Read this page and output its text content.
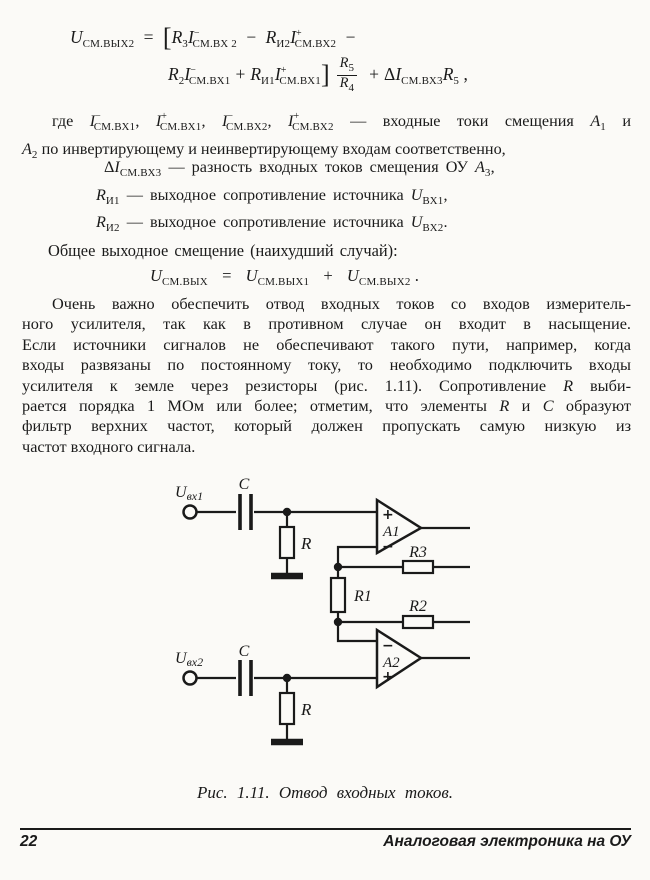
$U_{СМ.ВЫХ2} = [R_3I^-_{СМ.ВХ 2} - R_{И2}I^+_{СМ.ВХ2}$ −
$R_2I^-_{СМ.ВХ1} + R_{И1}I^+_{СМ.ВХ1}] \frac{R_5}{R_4} + \Delta I_{СМ.ВХ3}R_5$ ,
где $I^-_{СМ.ВХ1}$, $I^+_{СМ.ВХ1}$, $I^-_{СМ.ВХ2}$, $I^+_{СМ.ВХ2}$ — входные токи смещения $А_1$ и
$А_2$ по инвертирующему и неинвертирующему входам соответственно,
$\Delta I_{СМ.ВХ3}$ — разность входных токов смещения ОУ $А_3$,
$R_{И1}$ — выходное сопротивление источника $U_{ВХ1}$,
$R_{И2}$ — выходное сопротивление источника $U_{ВХ2}$.
Общее выходное смещение (наихудший случай):
$U_{СМ.ВЫХ} = U_{СМ.ВЫХ1} + U_{СМ.ВЫХ2}$ .
Очень важно обеспечить отвод входных токов со входов измеритель-
ного усилителя, так как в противном случае он входит в насыщение.
Если источники сигналов не обеспечивают такого пути, например, когда
входы развязаны по постоянному току, то необходимо подключить входы
усилителя к земле через резисторы (рис. 1.11). Сопротивление R выби-
рается порядка 1 МОм или более; отметим, что элементы R и C образуют
фильтр верхних частот, который должен пропускать самую низкую из
частот входного сигнала.
Uвх1
Uвх2
C
C
R
R
R1
R3
R2
+
A1
−
−
A2
+
Рис. 1.11. Отвод входных токов.
22	Аналоговая электроника на ОУ
